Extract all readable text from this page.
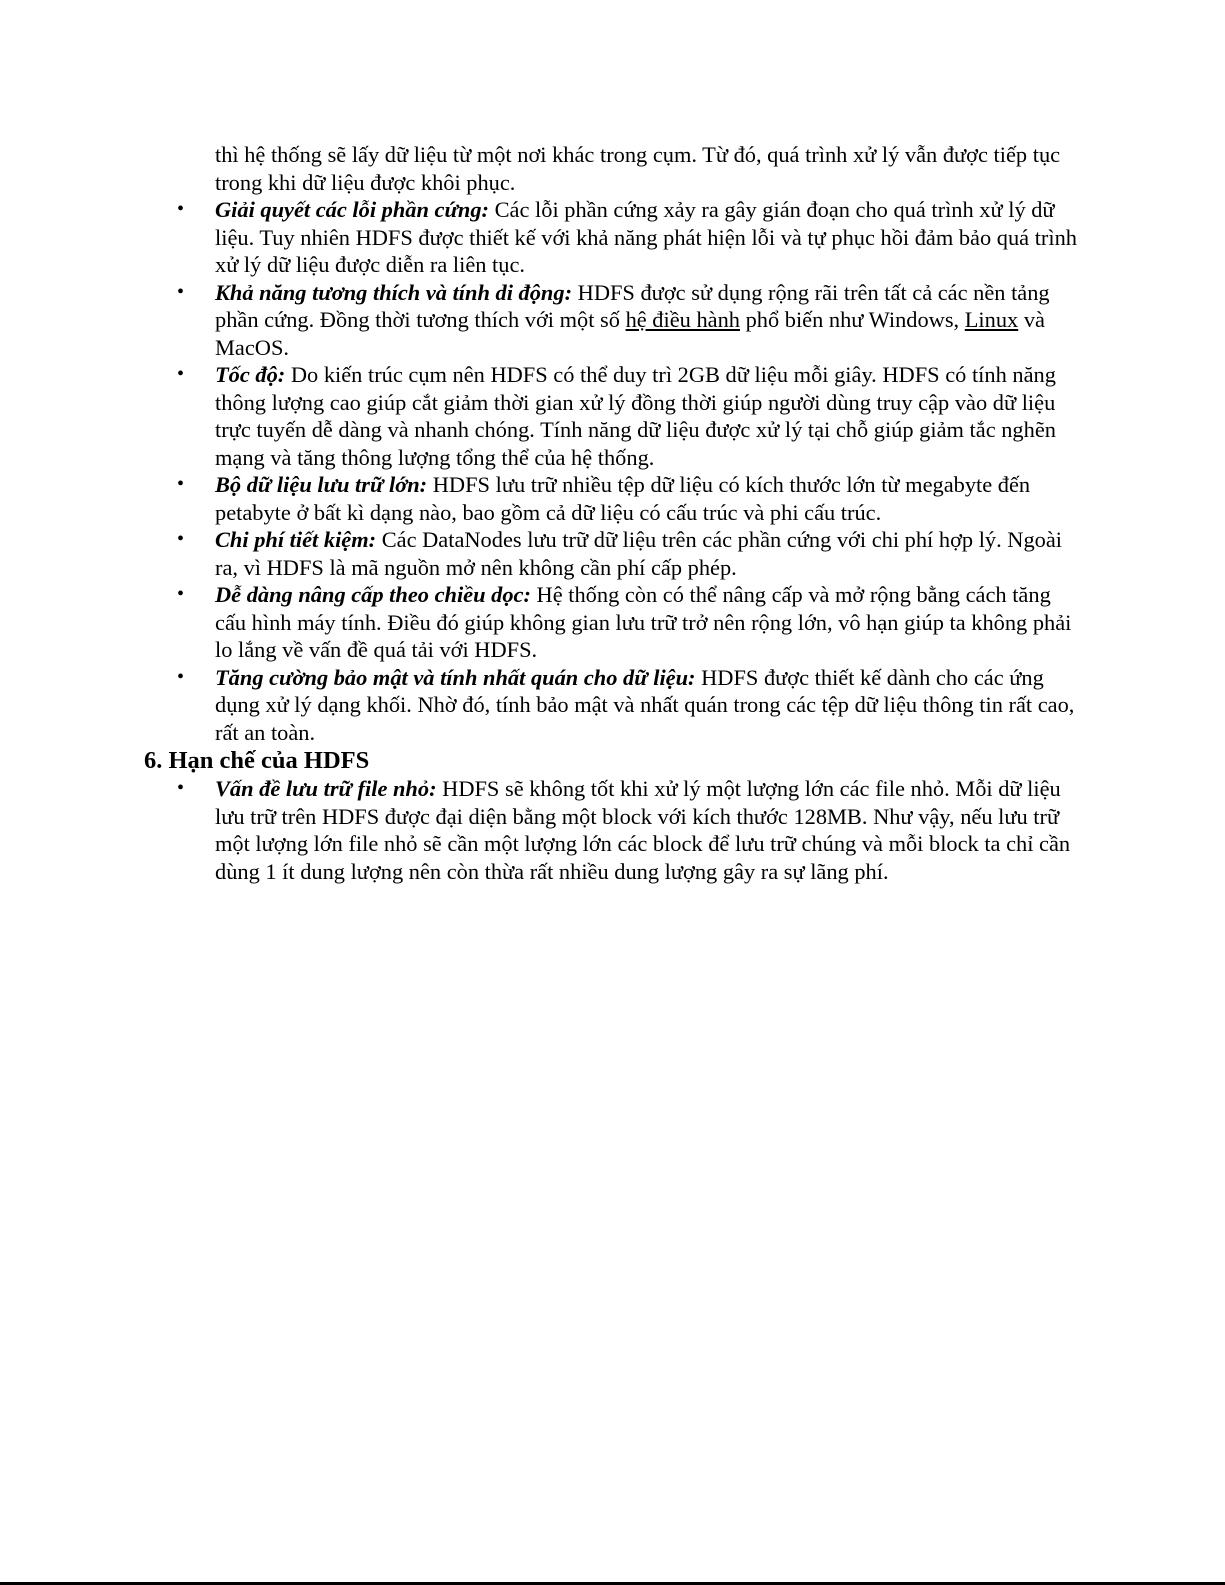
thì hệ thống sẽ lấy dữ liệu từ một nơi khác trong cụm. Từ đó, quá trình xử lý vẫn được tiếp tục trong khi dữ liệu được khôi phục.
• Giải quyết các lỗi phần cứng: Các lỗi phần cứng xảy ra gây gián đoạn cho quá trình xử lý dữ liệu. Tuy nhiên HDFS được thiết kế với khả năng phát hiện lỗi và tự phục hồi đảm bảo quá trình xử lý dữ liệu được diễn ra liên tục.
• Khả năng tương thích và tính di động: HDFS được sử dụng rộng rãi trên tất cả các nền tảng phần cứng. Đồng thời tương thích với một số hệ điều hành phổ biến như Windows, Linux và MacOS.
• Tốc độ: Do kiến trúc cụm nên HDFS có thể duy trì 2GB dữ liệu mỗi giây. HDFS có tính năng thông lượng cao giúp cắt giảm thời gian xử lý đồng thời giúp người dùng truy cập vào dữ liệu trực tuyến dễ dàng và nhanh chóng. Tính năng dữ liệu được xử lý tại chỗ giúp giảm tắc nghẽn mạng và tăng thông lượng tổng thể của hệ thống.
• Bộ dữ liệu lưu trữ lớn: HDFS lưu trữ nhiều tệp dữ liệu có kích thước lớn từ megabyte đến petabyte ở bất kì dạng nào, bao gồm cả dữ liệu có cấu trúc và phi cấu trúc.
• Chi phí tiết kiệm: Các DataNodes lưu trữ dữ liệu trên các phần cứng với chi phí hợp lý. Ngoài ra, vì HDFS là mã nguồn mở nên không cần phí cấp phép.
• Dễ dàng nâng cấp theo chiều dọc: Hệ thống còn có thể nâng cấp và mở rộng bằng cách tăng cấu hình máy tính. Điều đó giúp không gian lưu trữ trở nên rộng lớn, vô hạn giúp ta không phải lo lắng về vấn đề quá tải với HDFS.
• Tăng cường bảo mật và tính nhất quán cho dữ liệu: HDFS được thiết kế dành cho các ứng dụng xử lý dạng khối. Nhờ đó, tính bảo mật và nhất quán trong các tệp dữ liệu thông tin rất cao, rất an toàn.
6. Hạn chế của HDFS
• Vấn đề lưu trữ file nhỏ: HDFS sẽ không tốt khi xử lý một lượng lớn các file nhỏ. Mỗi dữ liệu lưu trữ trên HDFS được đại diện bằng một block với kích thước 128MB. Như vậy, nếu lưu trữ một lượng lớn file nhỏ sẽ cần một lượng lớn các block để lưu trữ chúng và mỗi block ta chỉ cần dùng 1 ít dung lượng nên còn thừa rất nhiều dung lượng gây ra sự lãng phí.
